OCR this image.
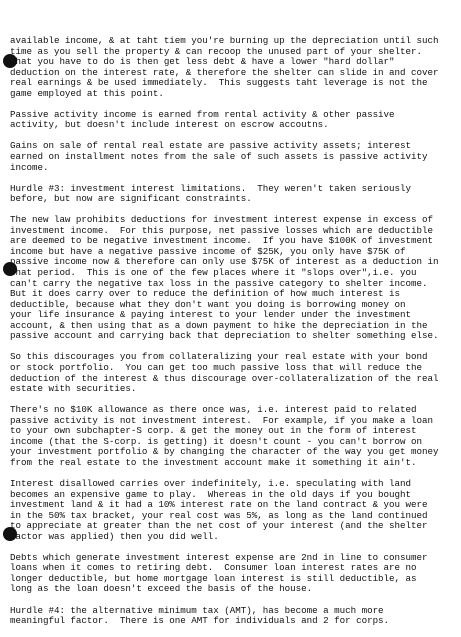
available income, & at taht tiem you're burning up the depreciation until such
time as you sell the property & can recoop the unused part of your shelter.
What you have to do is then get less debt & have a lower "hard dollar"
deduction on the interest rate, & therefore the shelter can slide in and cover
real earnings & be used immediately.  This suggests taht leverage is not the
game employed at this point.

Passive activity income is earned from rental activity & other passive
activity, but doesn't include interest on escrow accoutns.

Gains on sale of rental real estate are passive activity assets; interest
earned on installment notes from the sale of such assets is passive activity
income.

Hurdle #3: investment interest limitations.  They weren't taken seriously
before, but now are significant constraints.

The new law prohibits deductions for investment interest expense in excess of
investment income.  For this purpose, net passive losses which are deductible
are deemed to be negative investment income.  If you have $100K of investment
income but have a negative passive income of $25K, you only have $75K of
passive income now & therefore can only use $75K of interest as a deduction in
that period.  This is one of the few places where it "slops over",i.e. you
can't carry the negative tax loss in the passive category to shelter income.
But it does carry over to reduce the definition of how much interest is
deductible, because what they don't want you doing is borrowing money on
your life insurance & paying interest to your lender under the investment
account, & then using that as a down payment to hike the depreciation in the
passive account and carrying back that depreciation to shelter something else.

So this discourages you from collateralizing your real estate with your bond
or stock portfolio.  You can get too much passive loss that will reduce the
deduction of the interest & thus discourage over-collateralization of the real
estate with securities.

There's no $10K allowance as there once was, i.e. interest paid to related
passive activity is not investment interest.  For example, if you make a loan
to your own subchapter-S corp. & get the money out in the form of interest
income (that the S-corp. is getting) it doesn't count - you can't borrow on
your investment portfolio & by changing the character of the way you get money
from the real estate to the investment account make it something it ain't.

Interest disallowed carries over indefinitely, i.e. speculating with land
becomes an expensive game to play.  Whereas in the old days if you bought
investment land & it had a 10% interest rate on the land contract & you were
in the 50% tax bracket, your real cost was 5%, as long as the land continued
to appreciate at greater than the net cost of your interest (and the shelter
factor was applied) then you did well.

Debts which generate investment interest expense are 2nd in line to consumer
loans when it comes to retiring debt.  Consumer loan interest rates are no
longer deductible, but home mortgage loan interest is still deductible, as
long as the loan doesn't exceed the basis of the house.

Hurdle #4: the alternative minimum tax (AMT), has become a much more
meaningful factor.  There is one AMT for individuals and 2 for corps.
